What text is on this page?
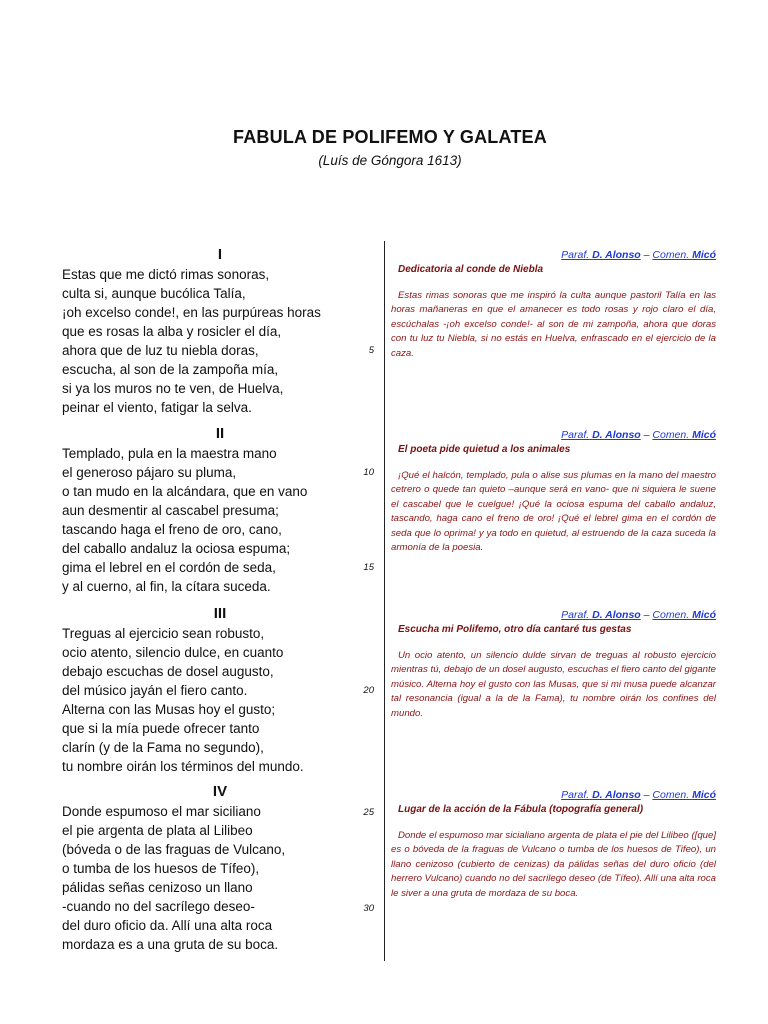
FABULA DE POLIFEMO Y GALATEA
(Luís de Góngora 1613)
I
Estas que me dictó rimas sonoras,
culta si, aunque bucólica Talía,
¡oh excelso conde!, en las purpúreas horas
que es rosas la alba y rosicler el día,
ahora que de luz tu niebla doras,
escucha, al son de la zampoña mía,
si ya los muros no te ven, de Huelva,
peinar el viento, fatigar la selva.
II
Templado, pula en la maestra mano
el generoso pájaro su pluma,
o tan mudo en la alcándara, que en vano
aun desmentir al cascabel presuma;
tascando haga el freno de oro, cano,
del caballo andaluz la ociosa espuma;
gima el lebrel en el cordón de seda,
y al cuerno, al fin, la cítara suceda.
III
Treguas al ejercicio sean robusto,
ocio atento, silencio dulce, en cuanto
debajo escuchas de dosel augusto,
del músico jayán el fiero canto.
Alterna con las Musas hoy el gusto;
que si la mía puede ofrecer tanto
clarín (y de la Fama no segundo),
tu nombre oirán los términos del mundo.
IV
Donde espumoso el mar siciliano
el pie argenta de plata al Lilibeo
(bóveda o de las fraguas de Vulcano,
o tumba de los huesos de Tífeo),
pálidas señas cenizoso un llano
-cuando no del sacrílego deseo-
del duro oficio da. Allí una alta roca
mordaza es a una gruta de su boca.
5
10
15
20
25
30
Paraf. D. Alonso – Comen. Micó
Dedicatoria al conde de Niebla
Estas rimas sonoras que me inspiró la culta aunque pastoril Talía en las horas mañaneras en que el amanecer es todo rosas y rojo claro el día, escúchalas -¡oh excelso conde!- al son de mi zampoña, ahora que doras con tu luz tu Niebla, si no estás en Huelva, enfrascado en el ejercicio de la caza.
Paraf. D. Alonso – Comen. Micó
El poeta pide quietud a los animales
¡Qué el halcón, templado, pula o alise sus plumas en la mano del maestro cetrero o quede tan quieto –aunque será en vano- que ni siquiera le suene el cascabel que le cuelgue! ¡Qué la ociosa espuma del caballo andaluz, tascando, haga cano el freno de oro! ¡Qué el lebrel gima en el cordón de seda que lo oprima! y ya todo en quietud, al estruendo de la caza suceda la armonía de la poesia.
Paraf. D. Alonso – Comen. Micó
Escucha mi Polifemo, otro día cantaré tus gestas
Un ocio atento, un silencio dulde sirvan de treguas al robusto ejercicio mientras tú, debajo de un dosel augusto, escuchas el fiero canto del gigante músico. Alterna hoy el gusto con las Musas, que si mi musa puede alcanzar tal resonancia (igual a la de la Fama), tu nombre oirán los confines del mundo.
Paraf. D. Alonso – Comen. Micó
Lugar de la acción de la Fábula (topografía general)
Donde el espumoso mar sicialiano argenta de plata el pie del Lilibeo ([que] es o bóveda de la fraguas de Vulcano o tumba de los huesos de Tifeo), un llano cenizoso (cubierto de cenizas) da pálidas señas del duro oficio (del herrero Vulcano) cuando no del sacrilego deseo (de Tífeo). Allí una alta roca le siver a una gruta de mordaza de su boca.
